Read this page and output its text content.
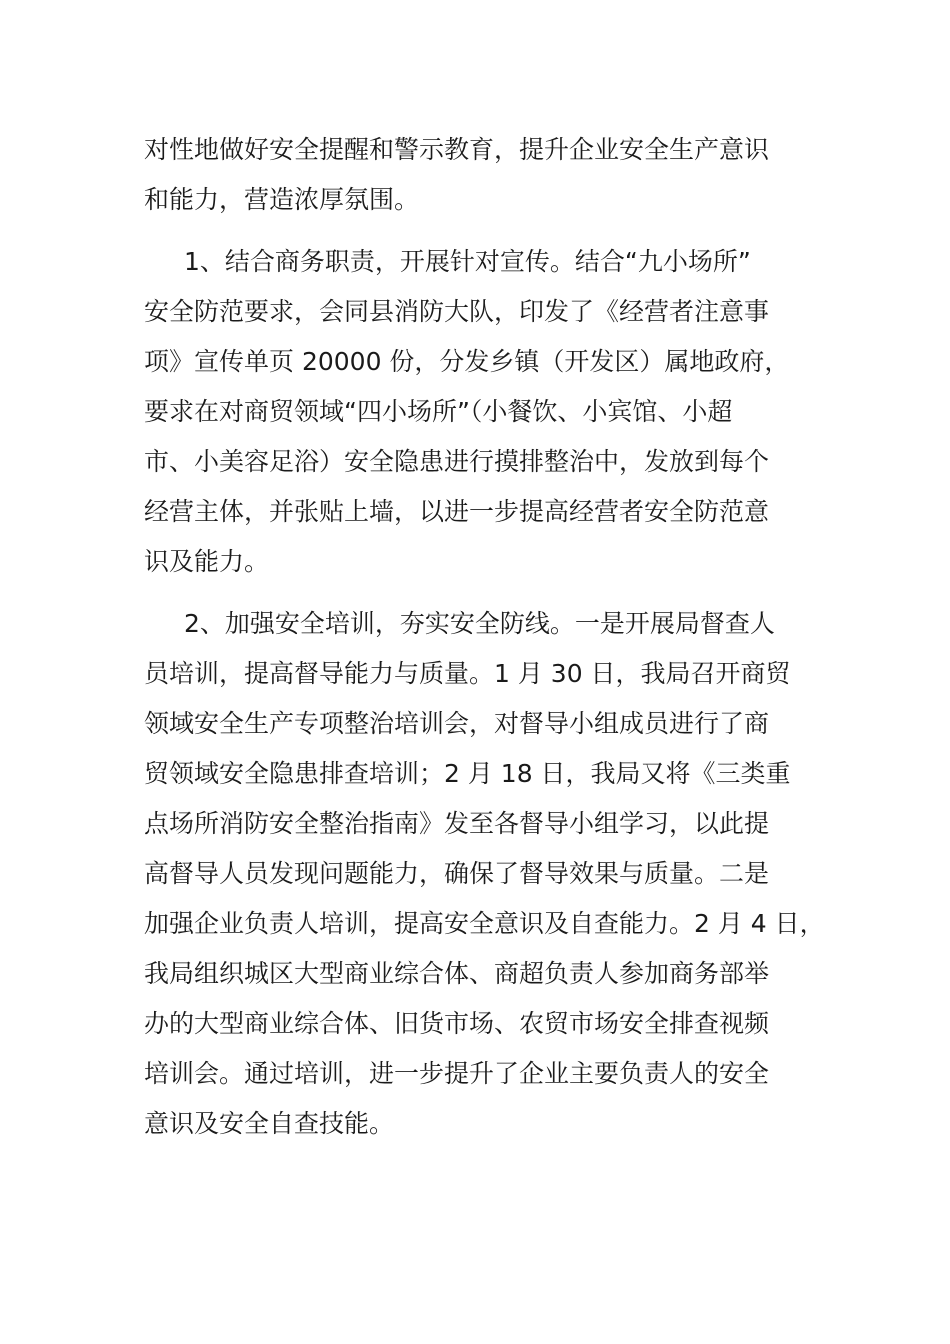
对性地做好安全提醒和警示教育，提升企业安全生产意识
和能力，营造浓厚氛围。
1、结合商务职责，开展针对宣传。结合“九小场所”
安全防范要求，会同县消防大队，印发了《经营者注意事
项》宣传单页 20000 份，分发乡镇（开发区）属地政府，
要求在对商贸领域“四小场所”（小餐饮、小宾馆、小超
市、小美容足浴）安全隐患进行摸排整治中，发放到每个
经营主体，并张贴上墙，以进一步提高经营者安全防范意
识及能力。
2、加强安全培训，夯实安全防线。一是开展局督查人
员培训，提高督导能力与质量。1 月 30 日，我局召开商贸
领域安全生产专项整治培训会，对督导小组成员进行了商
贸领域安全隐患排查培训；2 月 18 日，我局又将《三类重
点场所消防安全整治指南》发至各督导小组学习，以此提
高督导人员发现问题能力，确保了督导效果与质量。二是
加强企业负责人培训，提高安全意识及自查能力。2 月 4 日，
我局组织城区大型商业综合体、商超负责人参加商务部举
办的大型商业综合体、旧货市场、农贸市场安全排查视频
培训会。通过培训，进一步提升了企业主要负责人的安全
意识及安全自查技能。
